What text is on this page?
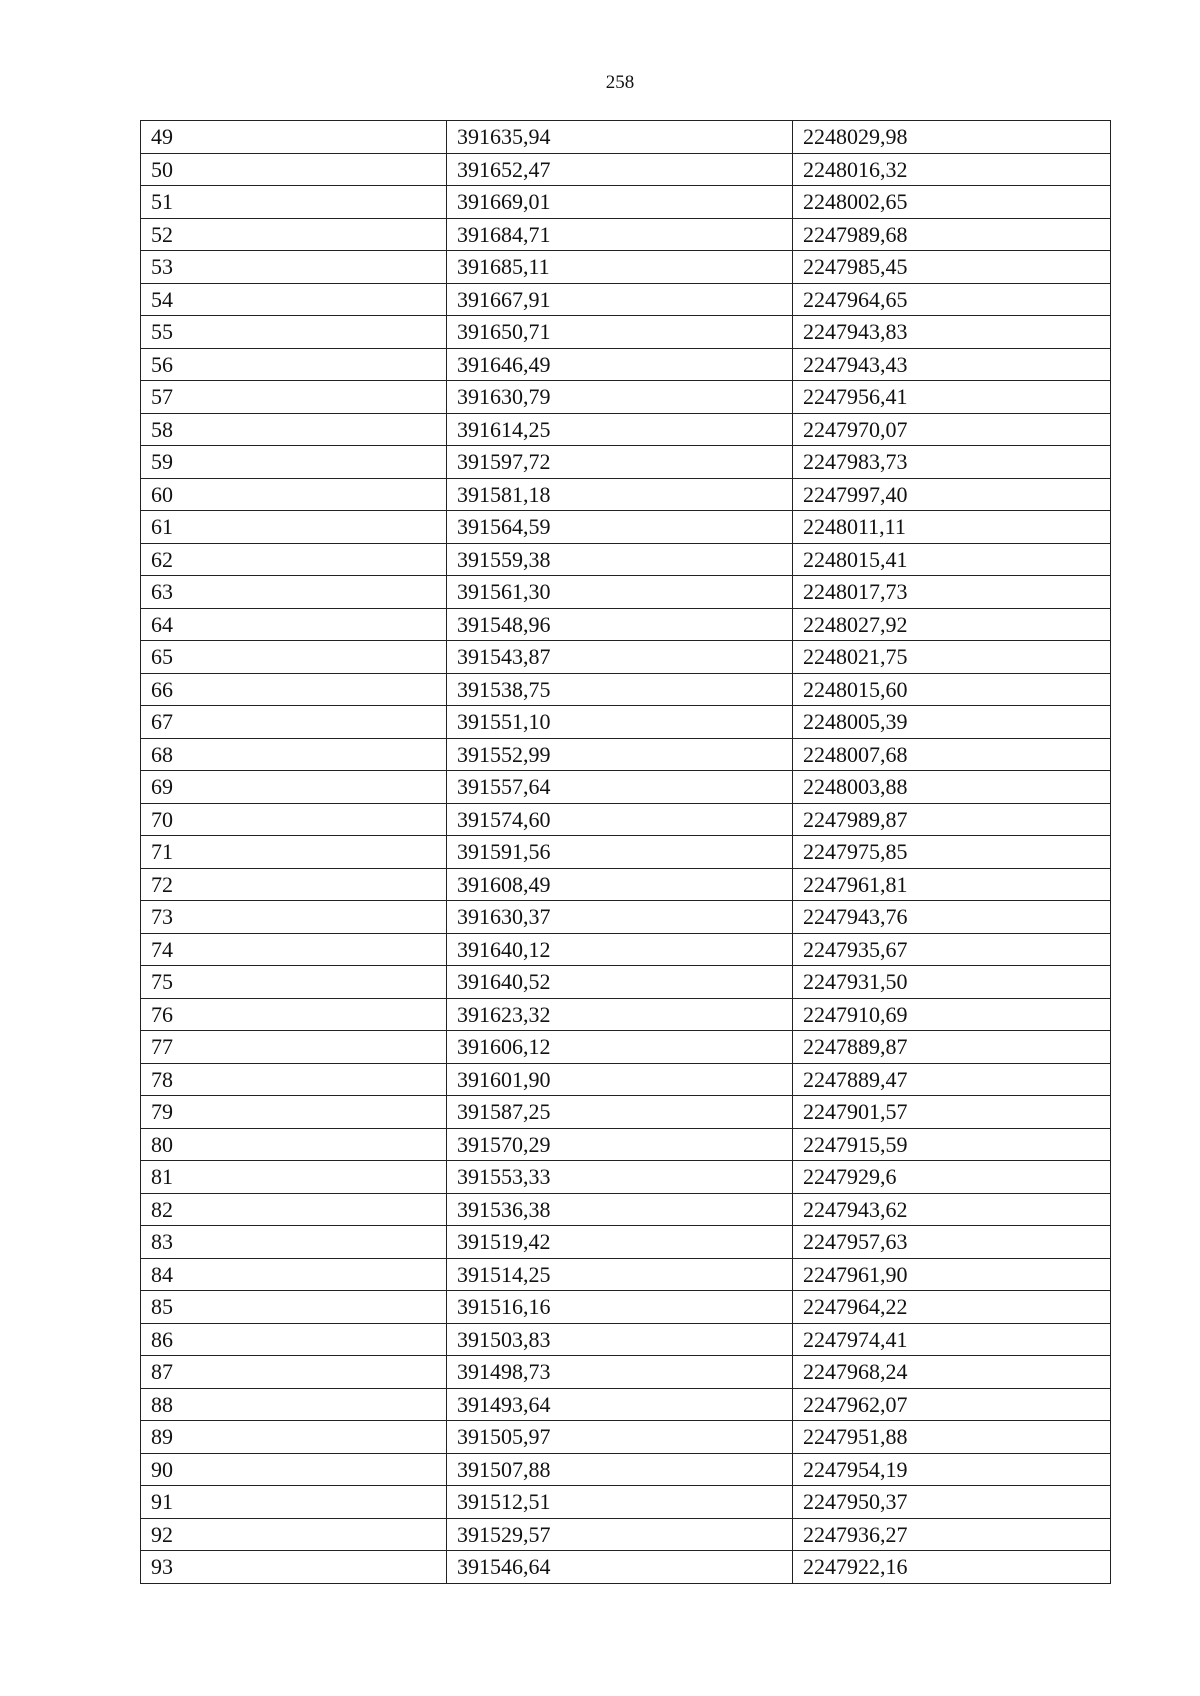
258
49	391635,94	2248029,98
50	391652,47	2248016,32
51	391669,01	2248002,65
52	391684,71	2247989,68
53	391685,11	2247985,45
54	391667,91	2247964,65
55	391650,71	2247943,83
56	391646,49	2247943,43
57	391630,79	2247956,41
58	391614,25	2247970,07
59	391597,72	2247983,73
60	391581,18	2247997,40
61	391564,59	2248011,11
62	391559,38	2248015,41
63	391561,30	2248017,73
64	391548,96	2248027,92
65	391543,87	2248021,75
66	391538,75	2248015,60
67	391551,10	2248005,39
68	391552,99	2248007,68
69	391557,64	2248003,88
70	391574,60	2247989,87
71	391591,56	2247975,85
72	391608,49	2247961,81
73	391630,37	2247943,76
74	391640,12	2247935,67
75	391640,52	2247931,50
76	391623,32	2247910,69
77	391606,12	2247889,87
78	391601,90	2247889,47
79	391587,25	2247901,57
80	391570,29	2247915,59
81	391553,33	2247929,6
82	391536,38	2247943,62
83	391519,42	2247957,63
84	391514,25	2247961,90
85	391516,16	2247964,22
86	391503,83	2247974,41
87	391498,73	2247968,24
88	391493,64	2247962,07
89	391505,97	2247951,88
90	391507,88	2247954,19
91	391512,51	2247950,37
92	391529,57	2247936,27
93	391546,64	2247922,16
